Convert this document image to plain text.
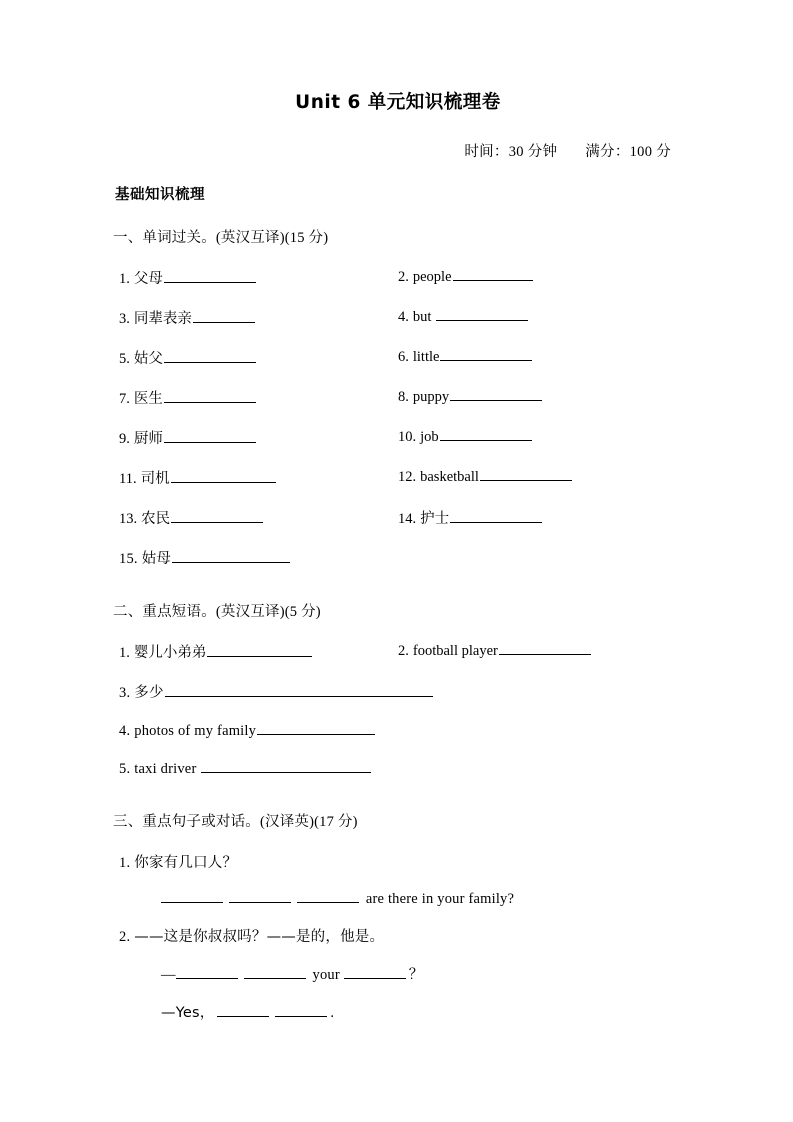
Unit 6 单元知识梳理卷
时间：30 分钟 满分：100 分
基础知识梳理
一、单词过关。(英汉互译)(15 分)
1. 父母	2. people
3. 同辈表亲	4. but
5. 姑父	6. little
7. 医生	8. puppy
9. 厨师	10. job
11. 司机	12. basketball
13. 农民	14. 护士
15. 姑母
二、重点短语。(英汉互译)(5 分)
1. 婴儿小弟弟	2. football player
3. 多少
4. photos of my family
5. taxi driver
三、重点句子或对话。(汉译英)(17 分)
1. 你家有几口人？
are there in your family?
2. ——这是你叔叔吗？——是的，他是。
—	your	？
—Yes，	.
